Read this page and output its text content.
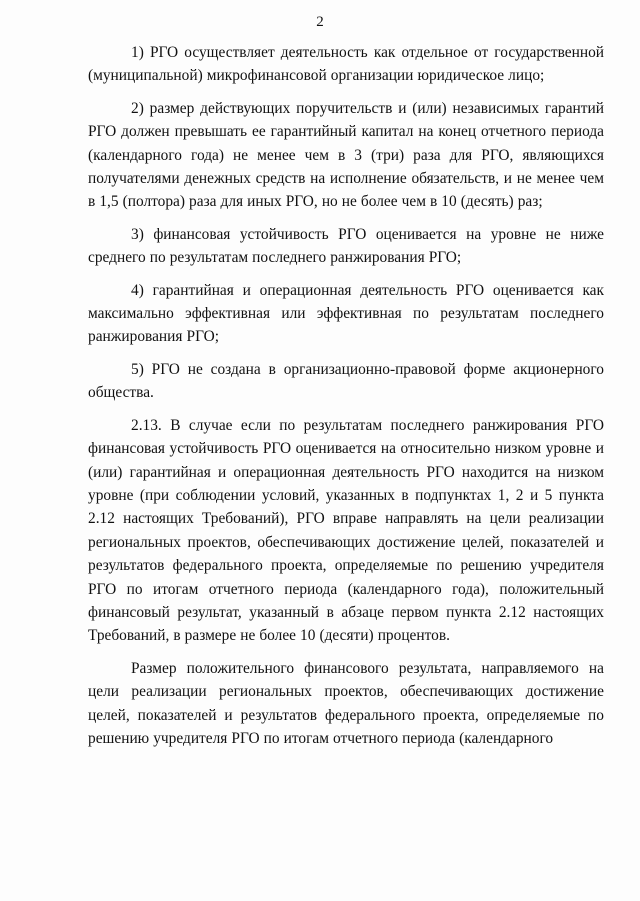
2

1) РГО осуществляет деятельность как отдельное от государственной (муниципальной) микрофинансовой организации юридическое лицо;

2) размер действующих поручительств и (или) независимых гарантий РГО должен превышать ее гарантийный капитал на конец отчетного периода (календарного года) не менее чем в 3 (три) раза для РГО, являющихся получателями денежных средств на исполнение обязательств, и не менее чем в 1,5 (полтора) раза для иных РГО, но не более чем в 10 (десять) раз;

3) финансовая устойчивость РГО оценивается на уровне не ниже среднего по результатам последнего ранжирования РГО;

4) гарантийная и операционная деятельность РГО оценивается как максимально эффективная или эффективная по результатам последнего ранжирования РГО;

5) РГО не создана в организационно-правовой форме акционерного общества.

2.13. В случае если по результатам последнего ранжирования РГО финансовая устойчивость РГО оценивается на относительно низком уровне и (или) гарантийная и операционная деятельность РГО находится на низком уровне (при соблюдении условий, указанных в подпунктах 1, 2 и 5 пункта 2.12 настоящих Требований), РГО вправе направлять на цели реализации региональных проектов, обеспечивающих достижение целей, показателей и результатов федерального проекта, определяемые по решению учредителя РГО по итогам отчетного периода (календарного года), положительный финансовый результат, указанный в абзаце первом пункта 2.12 настоящих Требований, в размере не более 10 (десяти) процентов.

Размер положительного финансового результата, направляемого на цели реализации региональных проектов, обеспечивающих достижение целей, показателей и результатов федерального проекта, определяемые по решению учредителя РГО по итогам отчетного периода (календарного
